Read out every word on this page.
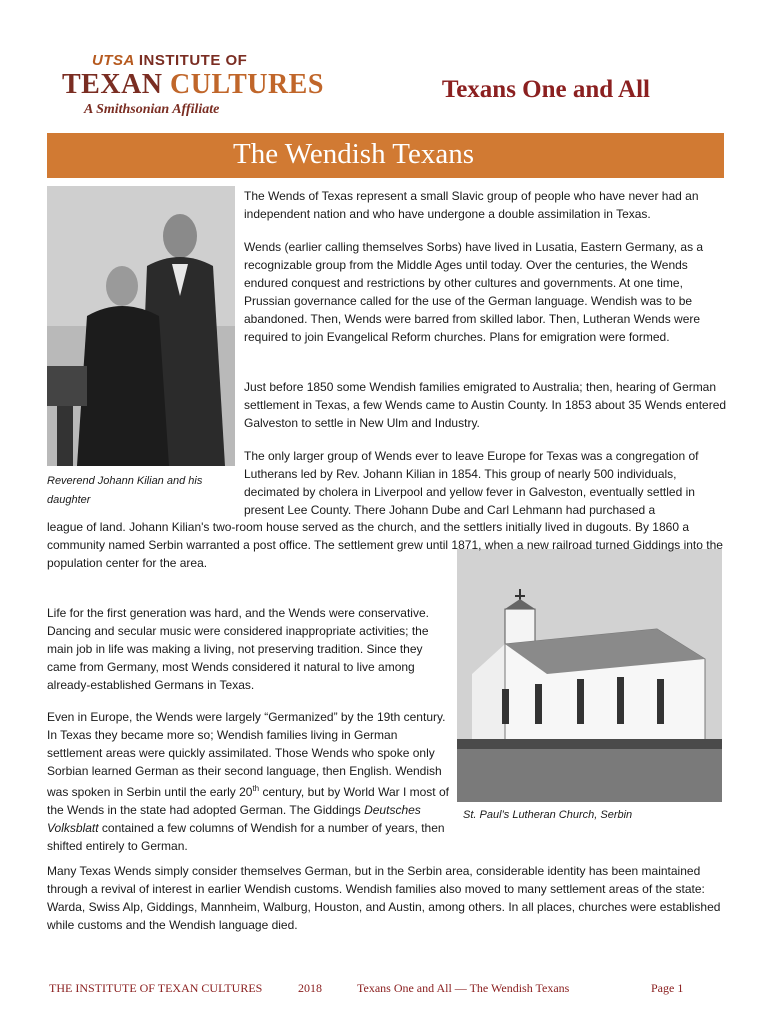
UTSA INSTITUTE OF
TEXAN CULTURES
A Smithsonian Affiliate
Texans One and All
The Wendish Texans
Reverend Johann Kilian and his daughter
St. Paul’s Lutheran Church, Serbin

The Wends of Texas represent a small Slavic group of people who have never had an independent nation and who have undergone a double assimilation in Texas.

Wends (earlier calling themselves Sorbs) have lived in Lusatia, Eastern Germany, as a recognizable group from the Middle Ages until today. Over the centuries, the Wends endured conquest and restrictions by other cultures and governments. At one time, Prussian governance called for the use of the German language. Wendish was to be abandoned. Then, Wends were barred from skilled labor. Then, Lutheran Wends were required to join Evangelical Reform churches. Plans for emigration were formed.

Just before 1850 some Wendish families emigrated to Australia; then, hearing of German settlement in Texas, a few Wends came to Austin County. In 1853 about 35 Wends entered Galveston to settle in New Ulm and Industry.

The only larger group of Wends ever to leave Europe for Texas was a congregation of Lutherans led by Rev. Johann Kilian in 1854. This group of nearly 500 individuals, decimated by cholera in Liverpool and yellow fever in Galveston, eventually settled in present Lee County. There Johann Dube and Carl Lehmann had purchased a

league of land. Johann Kilian's two-room house served as the church, and the settlers initially lived in dugouts. By 1860 a community named Serbin warranted a post office. The settlement grew until 1871, when a new railroad turned Giddings into the population center for the area.

Life for the first generation was hard, and the Wends were conservative. Dancing and secular music were considered inappropriate activities; the main job in life was making a living, not preserving tradition. Since they came from Germany, most Wends considered it natural to live among already-established Germans in Texas.

Even in Europe, the Wends were largely “Germanized” by the 19th century. In Texas they became more so; Wendish families living in German settlement areas were quickly assimilated. Those Wends who spoke only Sorbian learned German as their second language, then English. Wendish was spoken in Serbin until the early 20th century, but by World War I most of the Wends in the state had adopted German. The Giddings Deutsches Volksblatt contained a few columns of Wendish for a number of years, then shifted entirely to German.

Many Texas Wends simply consider themselves German, but in the Serbin area, considerable identity has been maintained through a revival of interest in earlier Wendish customs. Wendish families also moved to many settlement areas of the state: Warda, Swiss Alp, Giddings, Mannheim, Walburg, Houston, and Austin, among others. In all places, churches were established while customs and the Wendish language died.

THE INSTITUTE OF TEXAN CULTURES	2018	Texans One and All — The Wendish Texans	Page 1
